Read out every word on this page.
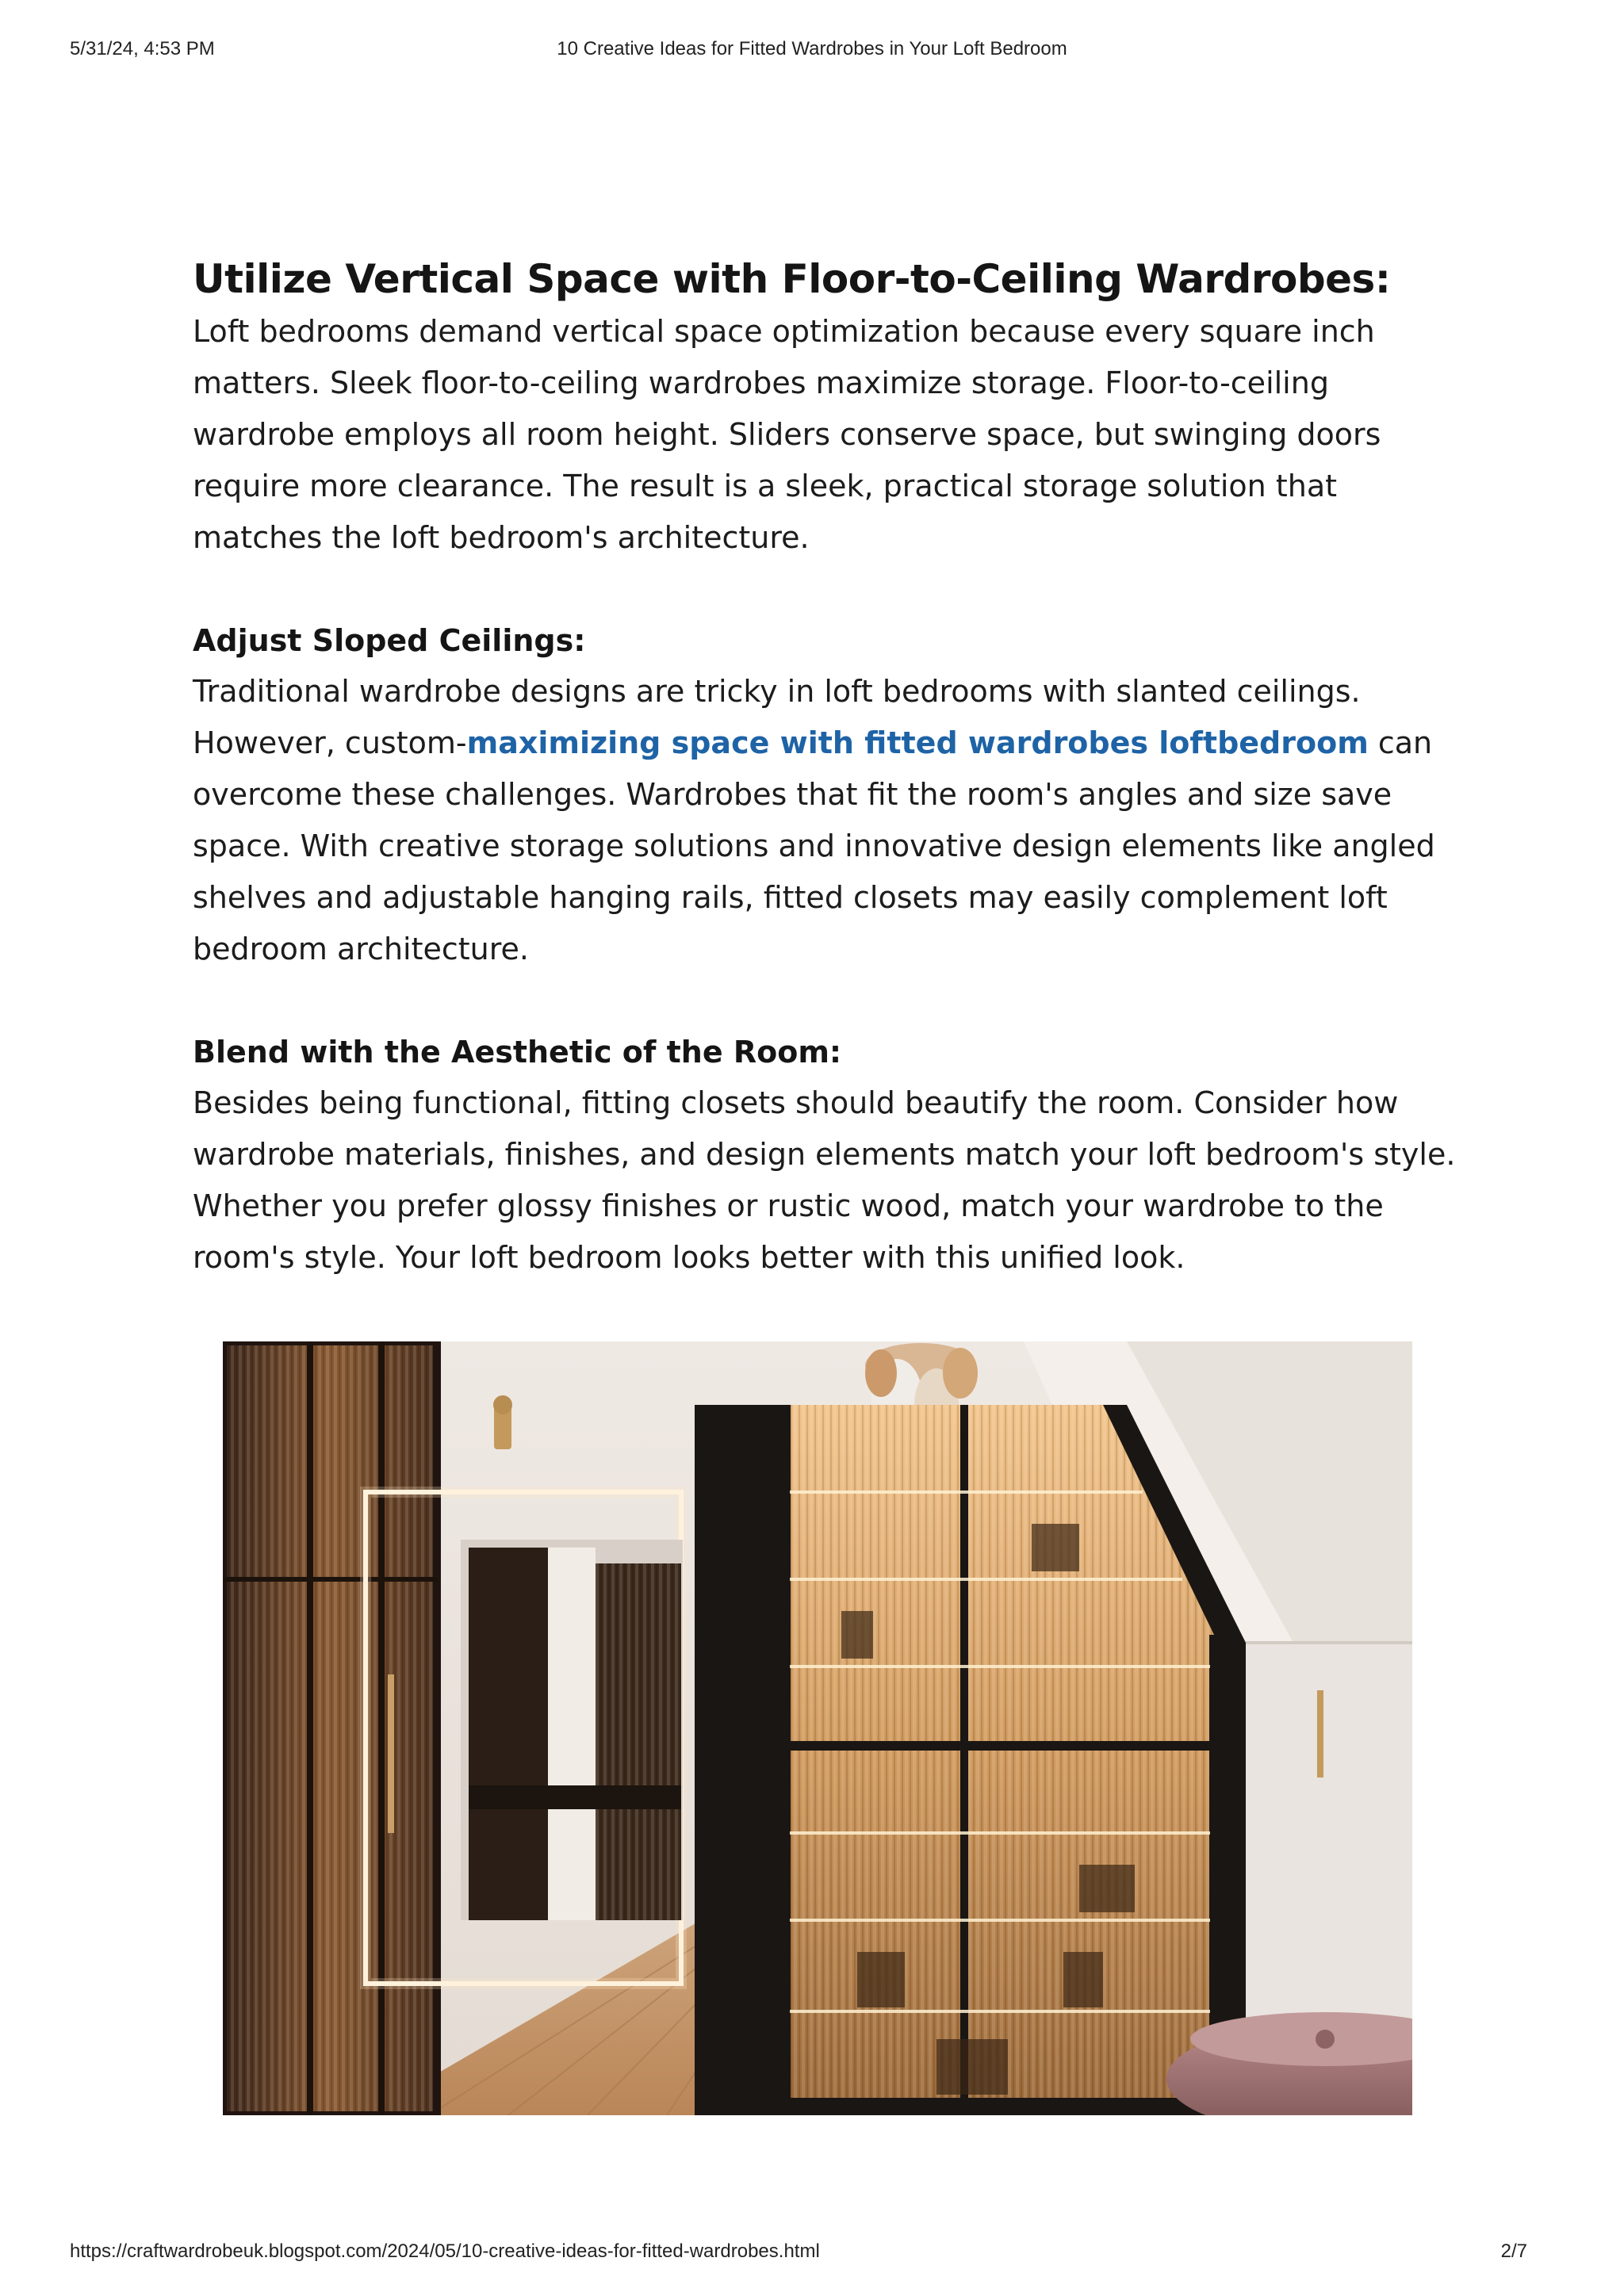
5/31/24, 4:53 PM	10 Creative Ideas for Fitted Wardrobes in Your Loft Bedroom
Utilize Vertical Space with Floor-to-Ceiling Wardrobes:

Loft bedrooms demand vertical space optimization because every square inch matters. Sleek floor-to-ceiling wardrobes maximize storage. Floor-to-ceiling wardrobe employs all room height. Sliders conserve space, but swinging doors require more clearance. The result is a sleek, practical storage solution that matches the loft bedroom's architecture.

Adjust Sloped Ceilings:

Traditional wardrobe designs are tricky in loft bedrooms with slanted ceilings. However, custom-maximizing space with fitted wardrobes loftbedroom can overcome these challenges. Wardrobes that fit the room's angles and size save space. With creative storage solutions and innovative design elements like angled shelves and adjustable hanging rails, fitted closets may easily complement loft bedroom architecture.

Blend with the Aesthetic of the Room:

Besides being functional, fitting closets should beautify the room. Consider how wardrobe materials, finishes, and design elements match your loft bedroom's style. Whether you prefer glossy finishes or rustic wood, match your wardrobe to the room's style. Your loft bedroom looks better with this unified look.

https://craftwardrobeuk.blogspot.com/2024/05/10-creative-ideas-for-fitted-wardrobes.html	2/7
